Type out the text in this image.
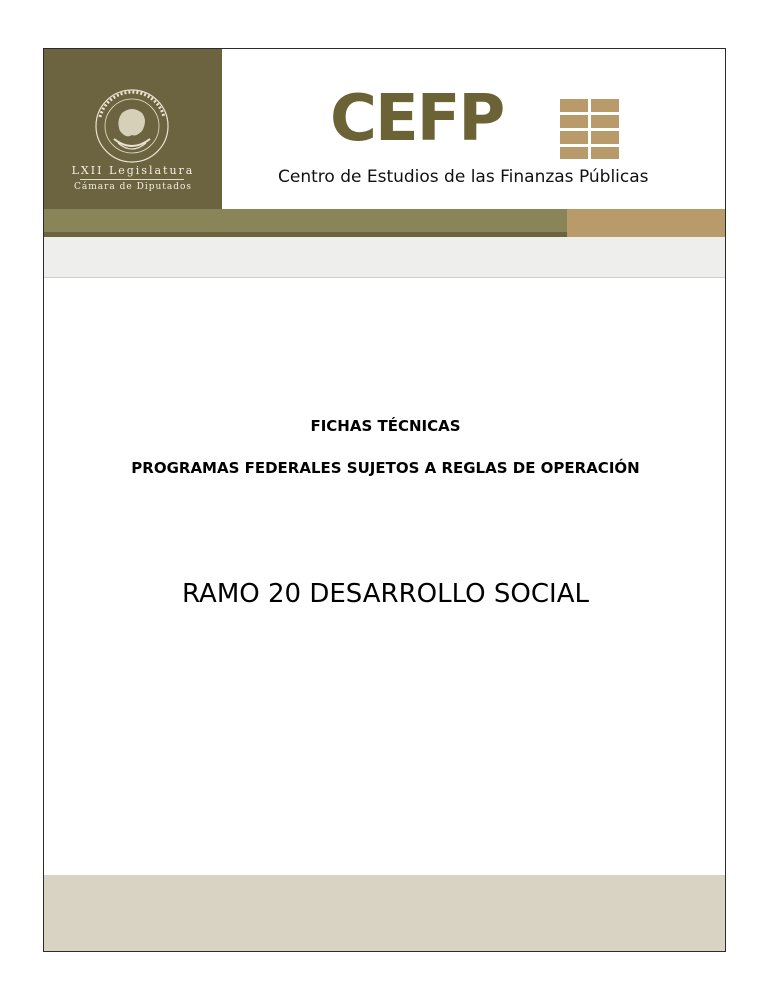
LXII Legislatura
Cámara de Diputados
CEFP
Centro de Estudios de las Finanzas Públicas
FICHAS TÉCNICAS
PROGRAMAS FEDERALES SUJETOS A REGLAS DE OPERACIÓN
RAMO 20 DESARROLLO SOCIAL
